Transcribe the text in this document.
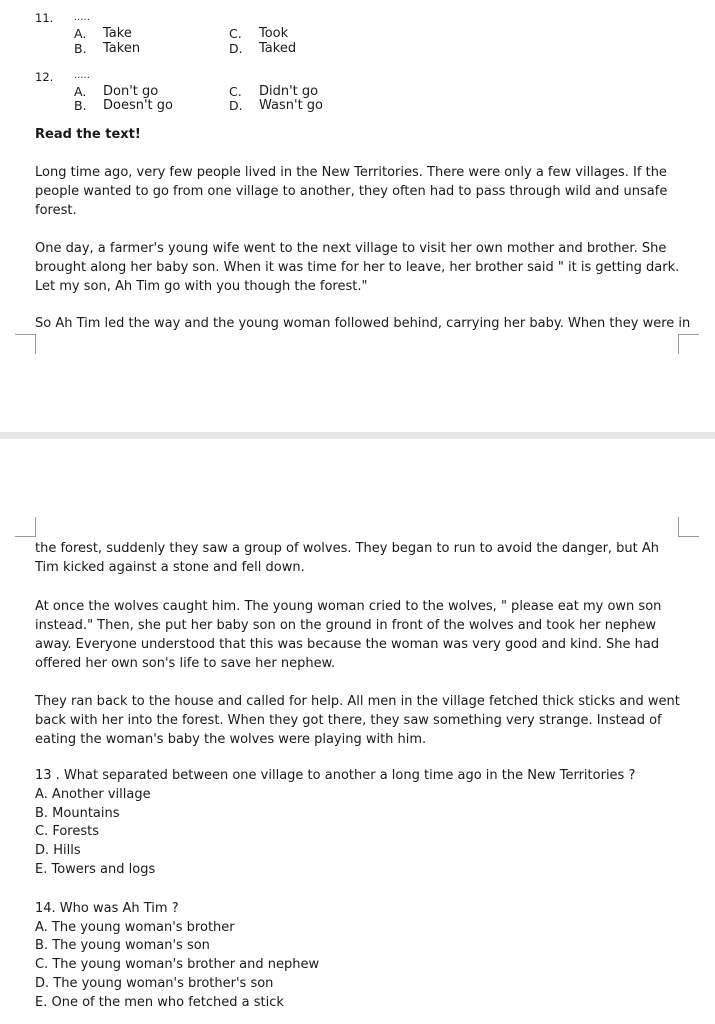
11. .....
A. Take
B. Taken
C. Took
D. Taked
12. .....
A. Don't go
B. Doesn't go
C. Didn't go
D. Wasn't go
Read the text!
Long time ago, very few people lived in the New Territories. There were only a few villages. If the people wanted to go from one village to another, they often had to pass through wild and unsafe forest.
One day, a farmer's young wife went to the next village to visit her own mother and brother. She brought along her baby son. When it was time for her to leave, her brother said " it is getting dark. Let my son, Ah Tim go with you though the forest."
So Ah Tim led the way and the young woman followed behind, carrying her baby. When they were in
the forest, suddenly they saw a group of wolves. They began to run to avoid the danger, but Ah Tim kicked against a stone and fell down.
At once the wolves caught him. The young woman cried to the wolves, " please eat my own son instead." Then, she put her baby son on the ground in front of the wolves and took her nephew away. Everyone understood that this was because the woman was very good and kind. She had offered her own son's life to save her nephew.
They ran back to the house and called for help. All men in the village fetched thick sticks and went back with her into the forest. When they got there, they saw something very strange. Instead of eating the woman's baby the wolves were playing with him.
13 . What separated between one village to another a long time ago in the New Territories ?
A. Another village
B. Mountains
C. Forests
D. Hills
E. Towers and logs
14. Who was Ah Tim ?
A. The young woman's brother
B. The young woman's son
C. The young woman's brother and nephew
D. The young woman's brother's son
E. One of the men who fetched a stick
